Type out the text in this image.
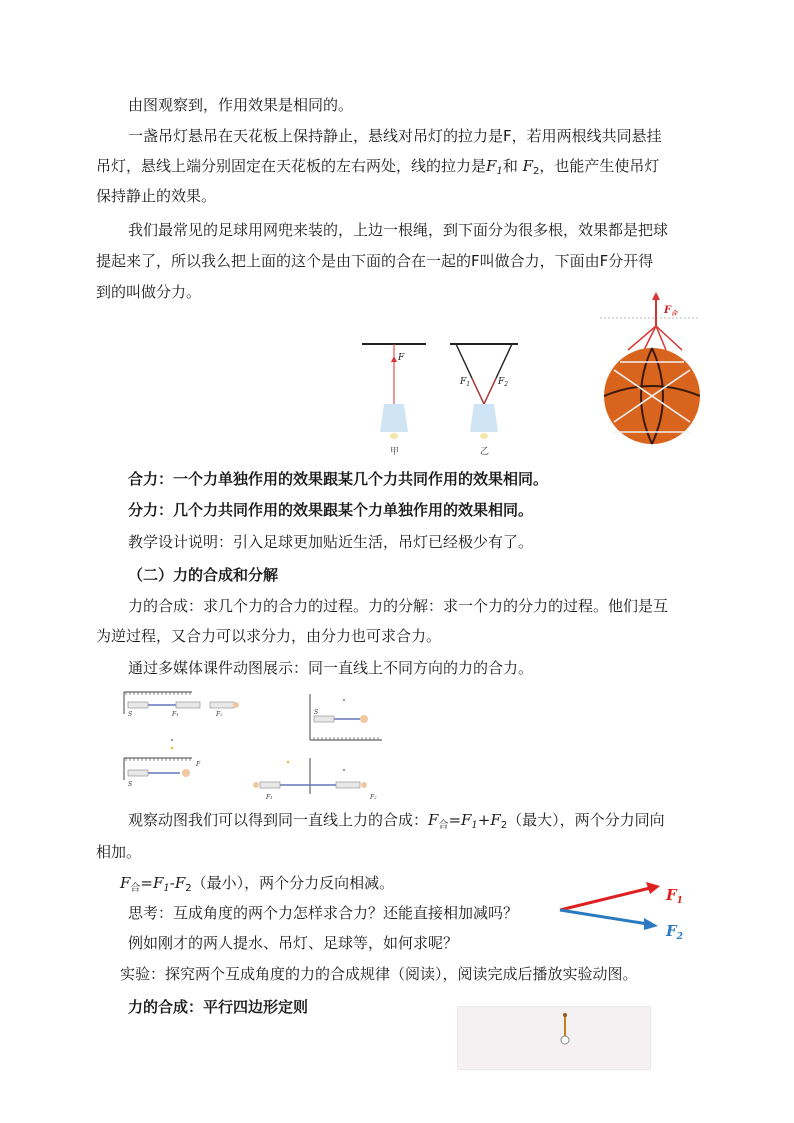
由图观察到，作用效果是相同的。
一盏吊灯悬吊在天花板上保持静止，悬线对吊灯的拉力是F，若用两根线共同悬挂
吊灯，悬线上端分别固定在天花板的左右两处，线的拉力是$F_1$和 $F_2$，也能产生使吊灯
保持静止的效果。
我们最常见的足球用网兜来装的，上边一根绳，到下面分为很多根，效果都是把球
提起来了，所以我么把上面的这个是由下面的合在一起的F叫做合力，下面由F分开得
到的叫做分力。
F
甲
$F_1$	$F_2$
乙
$F_合$
合力：一个力单独作用的效果跟某几个力共同作用的效果相同。
分力：几个力共同作用的效果跟某个力单独作用的效果相同。
教学设计说明：引入足球更加贴近生活，吊灯已经极少有了。
（二）力的合成和分解
力的合成：求几个力的合力的过程。力的分解：求一个力的分力的过程。他们是互
为逆过程，又合力可以求分力，由分力也可求合力。
通过多媒体课件动图展示：同一直线上不同方向的力的合力。
S	F1	F2	S
S
F
F1	F2
观察动图我们可以得到同一直线上力的合成：$F_合=F_1+F_2$（最大），两个分力同向
相加。
$F_合=F_1-F_2$（最小），两个分力反向相减。
思考：互成角度的两个力怎样求合力？还能直接相加减吗？
例如刚才的两人提水、吊灯、足球等，如何求呢？
$F_1$
$F_2$
实验：探究两个互成角度的力的合成规律（阅读），阅读完成后播放实验动图。
力的合成：平行四边形定则
